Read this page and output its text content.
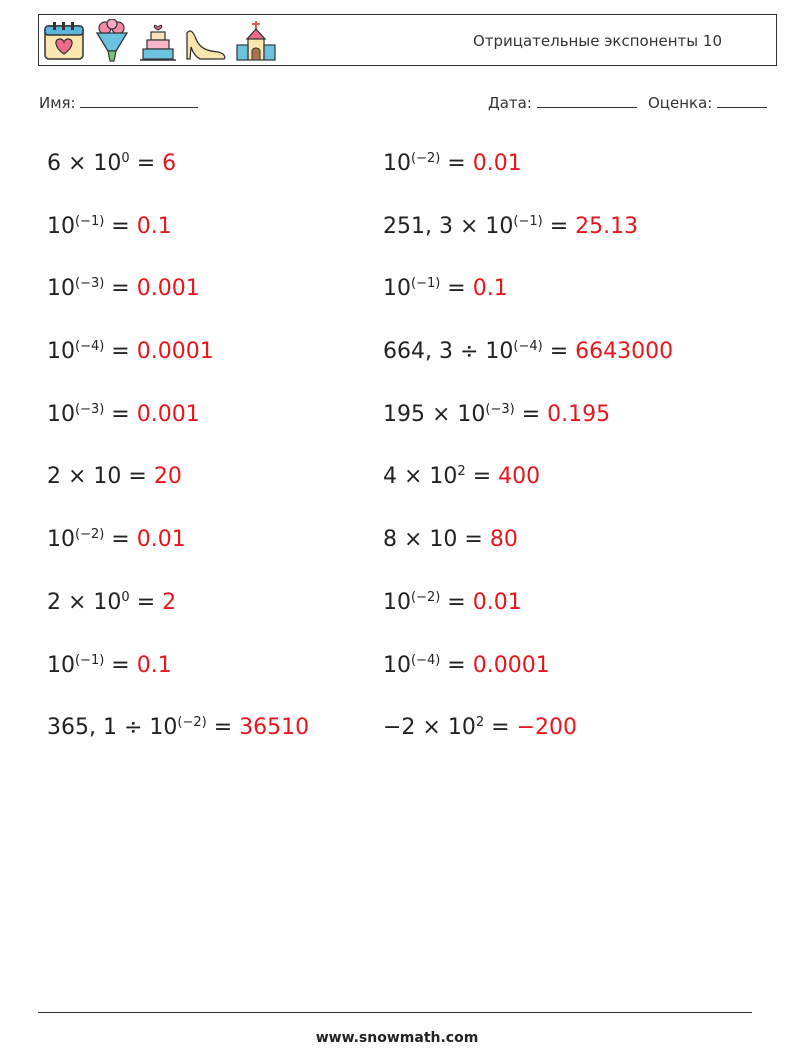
Отрицательные экспоненты 10
Имя:	Дата:	Оценка:
$6 \times 10^0 = 6$
$10^{(-1)} = 0.1$
$10^{(-3)} = 0.001$
$10^{(-4)} = 0.0001$
$10^{(-3)} = 0.001$
2 × 10 = 20
$10^{(-2)} = 0.01$
$2 \times 10^0 = 2$
$10^{(-1)} = 0.1$
365, $1 \div 10^{(-2)} = 36510$
$10^{(-2)} = 0.01$
251, $3 \times 10^{(-1)} = 25.13$
$10^{(-1)} = 0.1$
664, $3 \div 10^{(-4)} = 6643000$
$195 \times 10^{(-3)} = 0.195$
$4 \times 10^2 = 400$
8 × 10 = 80
$10^{(-2)} = 0.01$
$10^{(-4)} = 0.0001$
$-2 \times 10^2 = -200$
www.snowmath.com
